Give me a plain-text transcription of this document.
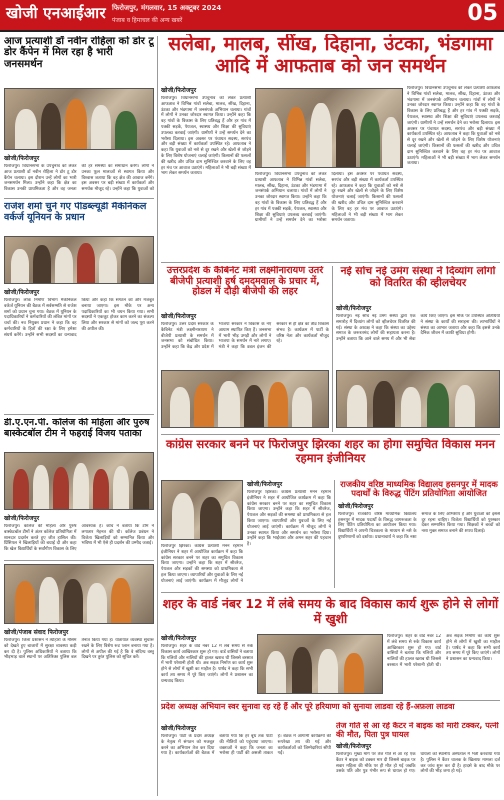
खोजी एनआईआर फिरोजपुर, मंगलवार, 15 अक्टूबर 2024
पंजाब व हिमाचल की अन्य खबरें	05
आज प्रत्याशी डॉ नवीन रोहिला को डोर टू डोर कैंपेन में मिल रहा है भारी जनसमर्थन
खोजी/फिरोजपुर
फिरोजपुर। विधानसभा के उपचुनाव को लेकर आज प्रत्याशी डॉ नवीन रोहिला ने डोर टू डोर कैंपेन चलाया। इस दौरान उन्हें लोगों का भारी जनसमर्थन मिला। उन्होंने कहा कि क्षेत्र का विकास उनकी प्राथमिकता है और वह जनता की हर समस्या का समाधान करेंगे। लोगों ने उनका फूल मालाओं से स्वागत किया और विश्वास जताया कि वह क्षेत्र की आवाज बनेंगे। इस अवसर पर बड़ी संख्या में कार्यकर्ता और समर्थक मौजूद रहे। उन्होंने कहा कि युवाओं को
राजेश शर्मा चुने गए पीडब्ल्यूडी मैकेनिकल वर्कर्ज यूनियन के प्रधान
खोजी/फिरोजपुर
फिरोजपुर। लोक निर्माण विभाग मैकेनिकल वर्कर्ज यूनियन की बैठक में सर्वसम्मति से राजेश शर्मा को प्रधान चुना गया। बैठक में यूनियन के पदाधिकारियों ने कर्मचारियों की लंबित मांगों पर चर्चा की। नव नियुक्त प्रधान ने कहा कि वह कर्मचारियों के हितों की रक्षा के लिए हमेशा संघर्ष करेंगे। उन्होंने सभी सदस्यों का धन्यवाद किया और कहा कि संगठन को और मजबूत बनाया जाएगा। इस मौके पर अन्य पदाधिकारियों का भी चयन किया गया। सभी सदस्यों ने एकजुट होकर काम करने का संकल्प लिया और सरकार से मांगों को जल्द पूरा करने की अपील की।
डी.ए.एन.पी. कॉलेज की महिला और पुरुष बास्केटबॉल टीम ने फहराई विजय पताका
खोजी/फिरोजपुर
फिरोजपुर। कॉलेज की महिला और पुरुष बास्केटबॉल टीमों ने अंतर कॉलेज प्रतियोगिता में शानदार प्रदर्शन करते हुए जीत हासिल की। प्रिंसिपल ने खिलाड़ियों को बधाई दी और कहा कि खेल विद्यार्थियों के सर्वांगीण विकास के लिए आवश्यक हैं। कोच ने बताया कि टीम ने लगातार मेहनत की थी। कॉलेज प्रबंधन ने विजेता खिलाड़ियों को सम्मानित किया और भविष्य में भी ऐसे ही प्रदर्शन की उम्मीद जताई।
खोजी/पंजाब संवाद फिरोजपुर
फिरोजपुर। जिला प्रशासन ने त्योहारों के मौसम को देखते हुए बाजारों में सुरक्षा व्यवस्था कड़ी कर दी है। पुलिस अधिकारियों ने बताया कि भीड़भाड़ वाले स्थानों पर अतिरिक्त पुलिस बल तैनात किया गया है। यातायात व्यवस्था सुचारू रखने के लिए विशेष रूट प्लान बनाया गया है। लोगों से अपील की गई है कि वे संदिग्ध वस्तु दिखने पर तुरंत पुलिस को सूचित करें।
सलेबा, मालब, सींख, दिहाना, उंटका, भंडगामा आदि में आफताब को जन समर्थन
खोजी/फिरोजपुर
फिरोजपुर। विधानसभा उपचुनाव को लेकर प्रत्याशी आफताब ने विभिन्न गांवों सलेबा, मालब, सींख, दिहाना, उंटका और भंडगामा में जनसंपर्क अभियान चलाया। गांवों में लोगों ने उनका जोरदार स्वागत किया। उन्होंने कहा कि वह गांवों के विकास के लिए प्रतिबद्ध हैं और हर गांव में पक्की सड़कें, पेयजल, स्वास्थ्य और शिक्षा की सुविधाएं उपलब्ध करवाई जाएंगी। ग्रामीणों ने उन्हें समर्थन देने का भरोसा दिलाया। इस अवसर पर पंचायत सदस्य, सरपंच और बड़ी संख्या में कार्यकर्ता उपस्थित रहे। आफताब ने कहा कि युवाओं को नशे से दूर रखने और खेलों से जोड़ने के लिए विशेष योजनाएं चलाई जाएंगी। किसानों की फसलों की खरीद और उचित दाम सुनिश्चित करवाने के लिए वह हर मंच पर आवाज उठाएंगे। महिलाओं ने भी बड़ी संख्या में भाग लेकर समर्थन जताया।	फिरोजपुर। विधानसभा उपचुनाव को लेकर प्रत्याशी आफताब ने विभिन्न गांवों सलेबा, मालब, सींख, दिहाना, उंटका और भंडगामा में जनसंपर्क अभियान चलाया। गांवों में लोगों ने उनका जोरदार स्वागत किया। उन्होंने कहा कि वह गांवों के विकास के लिए प्रतिबद्ध हैं और हर गांव में पक्की सड़कें, पेयजल, स्वास्थ्य और शिक्षा की सुविधाएं उपलब्ध करवाई जाएंगी। ग्रामीणों ने उन्हें समर्थन देने का भरोसा दिलाया। इस अवसर पर पंचायत सदस्य, सरपंच और बड़ी संख्या में कार्यकर्ता उपस्थित रहे। आफताब ने कहा कि युवाओं को नशे से दूर रखने और खेलों से जोड़ने के लिए विशेष योजनाएं चलाई जाएंगी। किसानों की फसलों की खरीद और उचित दाम सुनिश्चित करवाने के लिए वह हर मंच पर आवाज उठाएंगे। महिलाओं ने भी बड़ी संख्या में भाग लेकर समर्थन जताया।
फिरोजपुर। विधानसभा उपचुनाव को लेकर प्रत्याशी आफताब ने विभिन्न गांवों सलेबा, मालब, सींख, दिहाना, उंटका और भंडगामा में जनसंपर्क अभियान चलाया। गांवों में लोगों ने उनका जोरदार स्वागत किया। उन्होंने कहा कि वह गांवों के विकास के लिए प्रतिबद्ध हैं और हर गांव में पक्की सड़कें, पेयजल, स्वास्थ्य और शिक्षा की सुविधाएं उपलब्ध करवाई जाएंगी। ग्रामीणों ने उन्हें समर्थन देने का भरोसा दिलाया। इस अवसर पर पंचायत सदस्य, सरपंच और बड़ी संख्या में कार्यकर्ता उपस्थित रहे। आफताब ने कहा कि युवाओं को नशे से दूर रखने और खेलों से जोड़ने के लिए विशेष योजनाएं चलाई जाएंगी। किसानों की फसलों की खरीद और उचित दाम सुनिश्चित करवाने के लिए वह हर मंच पर आवाज उठाएंगे। महिलाओं ने भी बड़ी संख्या में भाग लेकर समर्थन जताया।
उत्तरप्रदेश के कैबिनेट मंत्री लक्ष्मीनारायण उतरे बीजेपी प्रत्याशी हर्ष दमदमवाल के प्रचार में, होडल में दौड़ी बीजेपी की लहर
खोजी/फिरोजपुर
फिरोजपुर। उत्तर प्रदेश सरकार के कैबिनेट मंत्री लक्ष्मीनारायण ने बीजेपी प्रत्याशी के समर्थन में जनसभा को संबोधित किया। उन्होंने कहा कि केंद्र और प्रदेश में भाजपा सरकार ने विकास के नए आयाम स्थापित किए हैं। जनसभा में भारी भीड़ उमड़ी और लोगों ने भाजपा के समर्थन में नारे लगाए। मंत्री ने कहा कि डबल इंजन की सरकार से ही क्षेत्र का तीव्र विकास संभव है। कार्यक्रम में पार्टी के वरिष्ठ नेता और कार्यकर्ता मौजूद रहे।
नई सोच नई उमंग संस्था ने दिव्यांग लोगों को वितरित की व्हीलचेयर
खोजी/फिरोजपुर
फिरोजपुर। नई सोच नई उमंग संस्था द्वारा एक समारोह में दिव्यांग लोगों को व्हीलचेयर वितरित की गई। संस्था के अध्यक्ष ने कहा कि संस्था का उद्देश्य समाज के जरूरतमंद लोगों की सहायता करना है। उन्होंने बताया कि आने वाले समय में और भी सेवा कार्य किए जाएंगे। इस मौके पर उपस्थित अतिथियों ने संस्था के कार्यों की सराहना की। लाभार्थियों ने संस्था का आभार जताया और कहा कि इससे उनके दैनिक जीवन में काफी सुविधा होगी।
कांग्रेस सरकार बनने पर फिरोजपुर झिरका शहर का होगा समुचित विकास मनन रहमान इंजीनियर
खोजी/फिरोजपुर
फिरोजपुर झिरका। कांग्रेस प्रत्याशी मनन रहमान इंजीनियर ने शहर में आयोजित कार्यक्रम में कहा कि कांग्रेस सरकार बनने पर शहर का समुचित विकास किया जाएगा। उन्होंने कहा कि शहर में सीवरेज, पेयजल और सड़कों की समस्या को प्राथमिकता से हल किया जाएगा। व्यापारियों और युवाओं के लिए नई योजनाएं लाई जाएंगी। कार्यक्रम में मौजूद लोगों ने उनका स्वागत किया और समर्थन का भरोसा दिया। उन्होंने कहा कि भाईचारा और अमन शहर की पहचान है।
फिरोजपुर झिरका। कांग्रेस प्रत्याशी मनन रहमान इंजीनियर ने शहर में आयोजित कार्यक्रम में कहा कि कांग्रेस सरकार बनने पर शहर का समुचित विकास किया जाएगा। उन्होंने कहा कि शहर में सीवरेज, पेयजल और सड़कों की समस्या को प्राथमिकता से हल किया जाएगा। व्यापारियों और युवाओं के लिए नई योजनाएं लाई जाएंगी। कार्यक्रम में मौजूद लोगों ने
राजकीय वरिष्ठ माध्यमिक विद्यालय हसनपुर में मादक पदार्थों के विरुद्ध पेंटिंग प्रतियोगिता आयोजित
खोजी/फिरोजपुर
फिरोजपुर। राजकीय वरिष्ठ माध्यमिक विद्यालय हसनपुर में मादक पदार्थों के विरुद्ध जागरूकता के लिए पेंटिंग प्रतियोगिता का आयोजन किया गया। विद्यार्थियों ने अपनी चित्रकला के माध्यम से नशे के दुष्परिणामों को दर्शाया। प्रधानाचार्य ने कहा कि नशा समाज के लिए अभिशाप है और युवाओं को इससे दूर रहना चाहिए। विजेता विद्यार्थियों को पुरस्कार देकर सम्मानित किया गया। शिक्षकों ने बच्चों को नशा मुक्त समाज बनाने की शपथ दिलाई।
शहर के वार्ड नंबर 12 में लंबे समय के बाद विकास कार्य शुरू होने से लोगों में खुशी
खोजी/फिरोजपुर
फिरोजपुर। शहर के वार्ड नंबर 12 में लंबे समय से रुके विकास कार्य आखिरकार शुरू हो गए। वार्ड वासियों ने बताया कि गलियों और नालियों की हालत खराब थी जिससे बरसात में भारी परेशानी होती थी। अब सड़क निर्माण का कार्य शुरू होने से लोगों में खुशी का माहौल है। पार्षद ने कहा कि सभी कार्य तय समय में पूरे किए जाएंगे। लोगों ने प्रशासन का धन्यवाद किया।
फिरोजपुर। शहर के वार्ड नंबर 12 में लंबे समय से रुके विकास कार्य आखिरकार शुरू हो गए। वार्ड वासियों ने बताया कि गलियों और नालियों की हालत खराब थी जिससे बरसात में भारी परेशानी होती थी। अब सड़क निर्माण का कार्य शुरू होने से लोगों में खुशी का माहौल है। पार्षद ने कहा कि सभी कार्य तय समय में पूरे किए जाएंगे। लोगों ने प्रशासन का धन्यवाद किया।
प्रदेश अध्यक्ष अभियान स्वर सुनावा रह रहे हैं और पूरे हरियाणा को सुनाया लाडवा रहे हैं-अफ़ला लाडवा
खोजी/फिरोजपुर
फिरोजपुर। पार्टी के प्रदेश अध्यक्ष के नेतृत्व में संगठन को मजबूत करने का अभियान तेज कर दिया गया है। कार्यकर्ताओं की बैठक में बताया गया कि हर बूथ तक पार्टी की नीतियों को पहुंचाया जाएगा। वक्ताओं ने कहा कि जनता का भरोसा ही पार्टी की असली ताकत है। बैठक में आगामी कार्यक्रमों की रूपरेखा तय की गई और कार्यकर्ताओं को जिम्मेदारियां सौंपी गईं।
तेज गति से आ रहे कैंटर ने बाइक को मारी टक्कर, पत्नी की मौत, पिता पुत्र घायल
खोजी/फिरोजपुर
फिरोजपुर। मुख्य मार्ग पर तेज गति से आ रहे एक कैंटर ने बाइक को टक्कर मार दी जिससे बाइक पर सवार महिला की मौके पर ही मौत हो गई जबकि उसके पति और पुत्र गंभीर रूप से घायल हो गए। घायलों को स्थानीय अस्पताल में भर्ती करवाया गया है। पुलिस ने कैंटर चालक के खिलाफ मामला दर्ज कर जांच शुरू कर दी है। हादसे के बाद मौके पर लोगों की भीड़ जमा हो गई।
